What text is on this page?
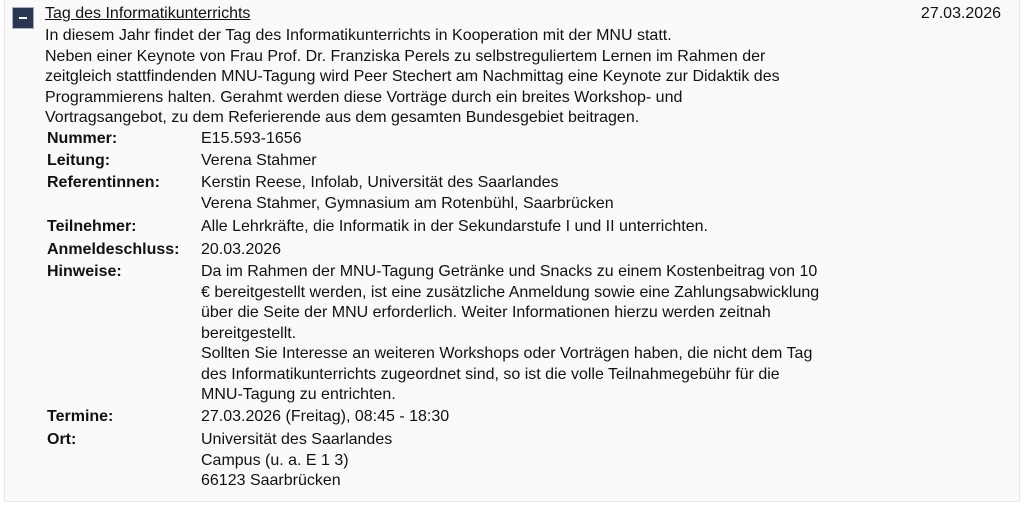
Tag des Informatikunterrichts	27.03.2026
In diesem Jahr findet der Tag des Informatikunterrichts in Kooperation mit der MNU statt.
Neben einer Keynote von Frau Prof. Dr. Franziska Perels zu selbstreguliertem Lernen im Rahmen der
zeitgleich stattfindenden MNU-Tagung wird Peer Stechert am Nachmittag eine Keynote zur Didaktik des
Programmierens halten. Gerahmt werden diese Vorträge durch ein breites Workshop- und
Vortragsangebot, zu dem Referierende aus dem gesamten Bundesgebiet beitragen.
Nummer:	E15.593-1656
Leitung:	Verena Stahmer
Referentinnen:	Kerstin Reese, Infolab, Universität des Saarlandes
Verena Stahmer, Gymnasium am Rotenbühl, Saarbrücken
Teilnehmer:	Alle Lehrkräfte, die Informatik in der Sekundarstufe I und II unterrichten.
Anmeldeschluss: 20.03.2026
Hinweise:	Da im Rahmen der MNU-Tagung Getränke und Snacks zu einem Kostenbeitrag von 10
€ bereitgestellt werden, ist eine zusätzliche Anmeldung sowie eine Zahlungsabwicklung
über die Seite der MNU erforderlich. Weiter Informationen hierzu werden zeitnah
bereitgestellt.
Sollten Sie Interesse an weiteren Workshops oder Vorträgen haben, die nicht dem Tag
des Informatikunterrichts zugeordnet sind, so ist die volle Teilnahmegebühr für die
MNU-Tagung zu entrichten.
Termine:	27.03.2026 (Freitag), 08:45 - 18:30
Ort:	Universität des Saarlandes
Campus (u. a. E 1 3)
66123 Saarbrücken
